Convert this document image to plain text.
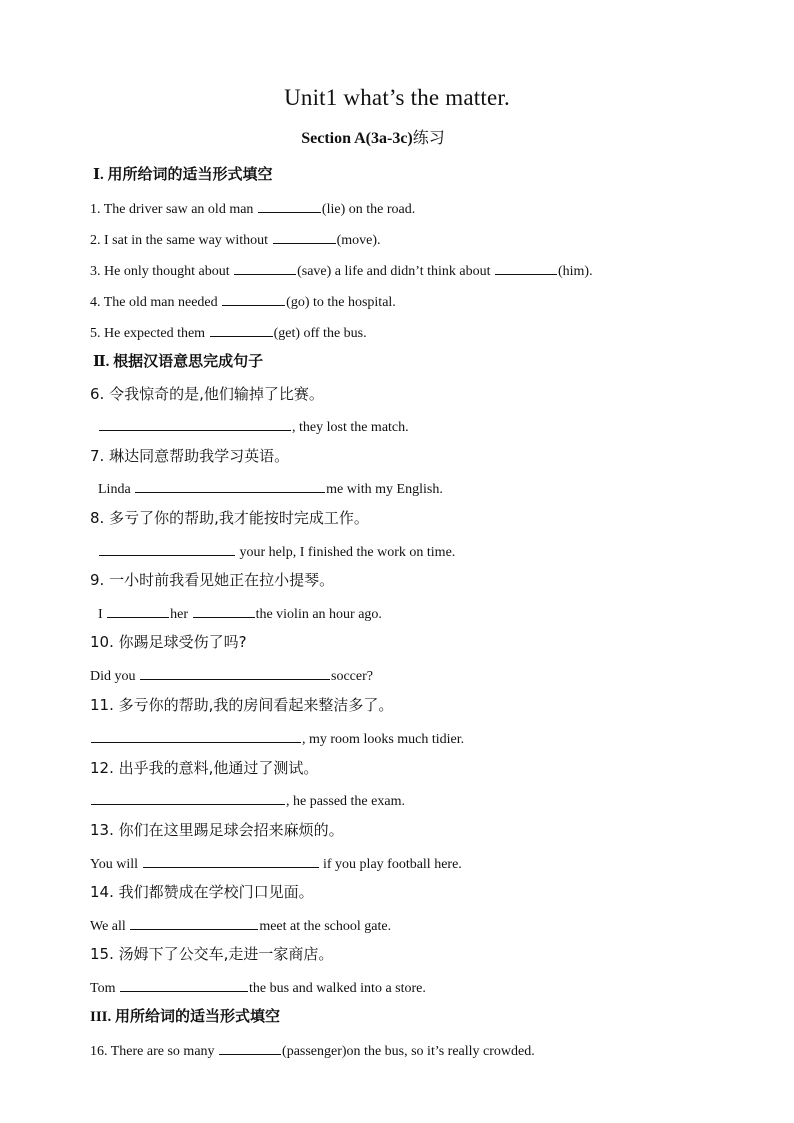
Unit1 what’s the matter.
Section A(3a-3c)练习
Ⅰ. 用所给词的适当形式填空
1. The driver saw an old man	(lie) on the road.
2. I sat in the same way without	(move).
3. He only thought about	(save) a life and didn’t think about	(him).
4. The old man needed	(go) to the hospital.
5. He expected them	(get) off the bus.
Ⅱ. 根据汉语意思完成句子
6. 令我惊奇的是,他们输掉了比赛。
, they lost the match.
7. 琳达同意帮助我学习英语。
Linda	me with my English.
8. 多亏了你的帮助,我才能按时完成工作。
your help, I finished the work on time.
9. 一小时前我看见她正在拉小提琴。
I	her	the violin an hour ago.
10. 你踢足球受伤了吗?
Did you	soccer?
11. 多亏你的帮助,我的房间看起来整洁多了。
, my room looks much tidier.
12. 出乎我的意料,他通过了测试。
, he passed the exam.
13. 你们在这里踢足球会招来麻烦的。
You will	if you play football here.
14. 我们都赞成在学校门口见面。
We all	meet at the school gate.
15. 汤姆下了公交车,走进一家商店。
Tom	the bus and walked into a store.
III. 用所给词的适当形式填空
16. There are so many	(passenger)on the bus, so it’s really crowded.
